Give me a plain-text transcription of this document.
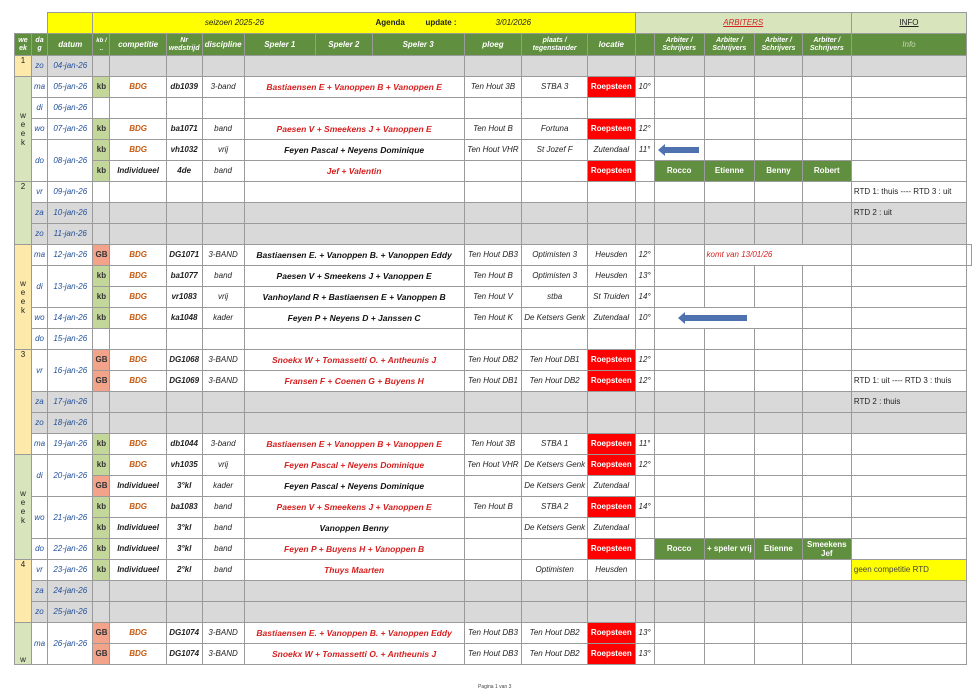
			seizoen 2025-26 Agenda update : 3/01/2026										ARBITERS					INFO	
we ek	da g	datum	kb / ..	competitie	Nr wedstrijd	discipline	Speler 1	Speler 2	Speler 3	ploeg	plaats / tegenstander	locatie		Arbiter / Schrijvers	Arbiter / Schrijvers	Arbiter / Schrijvers	Arbiter / Schrijvers	Info	
1	zo	04-jan-26																	
w e e k	ma	05-jan-26	kb	BDG	db1039	3-band	Bastiaensen E + Vanoppen B + Vanoppen E			Ten Hout 3B	STBA 3	Roepsteen	10°						
	di	06-jan-26																	
	wo	07-jan-26	kb	BDG	ba1071	band	Paesen V + Smeekens J + Vanoppen E			Ten Hout B	Fortuna	Roepsteen	12°						
	do	08-jan-26	kb	BDG	vh1032	vrij	Feyen Pascal + Neyens Dominique			Ten Hout VHR	St Jozef F	Zutendaal	11°						
			kb	Individueel	4de	band	Jef + Valentin					Roepsteen		Rocco	Etienne	Benny	Robert		
2	vr	09-jan-26																RTD 1: thuis ---- RTD 3 : uit	
	za	10-jan-26																RTD 2 : uit	
	zo	11-jan-26																	
w e e k	ma	12-jan-26	GB	BDG	DG1071	3-BAND	Bastiaensen E. + Vanoppen B. + Vanoppen Eddy			Ten Hout DB3	Optimisten 3	Heusden	12°		komt van 13/01/26				
	di	13-jan-26	kb	BDG	ba1077	band	Paesen V + Smeekens J + Vanoppen E			Ten Hout B	Optimisten 3	Heusden	13°						
			kb	BDG	vr1083	vrij	Vanhoyland R + Bastiaensen E + Vanoppen B			Ten Hout V	stba	St Truiden	14°						
	wo	14-jan-26	kb	BDG	ka1048	kader	Feyen P + Neyens D + Janssen C			Ten Hout K	De Ketsers Genk	Zutendaal	10°						
	do	15-jan-26																	
3	vr	16-jan-26	GB	BDG	DG1068	3-BAND	Snoekx W + Tomassetti O. + Antheunis J			Ten Hout DB2	Ten Hout DB1	Roepsteen	12°						
			GB	BDG	DG1069	3-BAND	Fransen F + Coenen G + Buyens H			Ten Hout DB1	Ten Hout DB2	Roepsteen	12°					RTD 1: uit ---- RTD 3 : thuis	
	za	17-jan-26																RTD 2 : thuis	
	zo	18-jan-26																	
	ma	19-jan-26	kb	BDG	db1044	3-band	Bastiaensen E + Vanoppen B + Vanoppen E			Ten Hout 3B	STBA 1	Roepsteen	11°						
w e e k	di	20-jan-26	kb	BDG	vh1035	vrij	Feyen Pascal + Neyens Dominique			Ten Hout VHR	De Ketsers Genk	Roepsteen	12°						
			GB	Individueel	3°kl	kader	Feyen Pascal + Neyens Dominique				De Ketsers Genk	Zutendaal							
	wo	21-jan-26	kb	BDG	ba1083	band	Paesen V + Smeekens J + Vanoppen E			Ten Hout B	STBA 2	Roepsteen	14°						
			kb	Individueel	3°kl	band	Vanoppen Benny				De Ketsers Genk	Zutendaal							
	do	22-jan-26	kb	Individueel	3°kl	band	Feyen P + Buyens H + Vanoppen B					Roepsteen		Rocco	+ speler vrij	Etienne	Smeekens Jef		
4	vr	23-jan-26	kb	Individueel	2°kl	band	Thuys Maarten				Optimisten	Heusden						geen competitie RTD	
	za	24-jan-26																	
	zo	25-jan-26																	
w	ma	26-jan-26	GB	BDG	DG1074	3-BAND	Bastiaensen E. + Vanoppen B. + Vanoppen Eddy			Ten Hout DB3	Ten Hout DB2	Roepsteen	13°						
			GB	BDG	DG1074	3-BAND	Snoekx W + Tomassetti O. + Antheunis J			Ten Hout DB3	Ten Hout DB2	Roepsteen	13°						
Pagina 1 van 3
